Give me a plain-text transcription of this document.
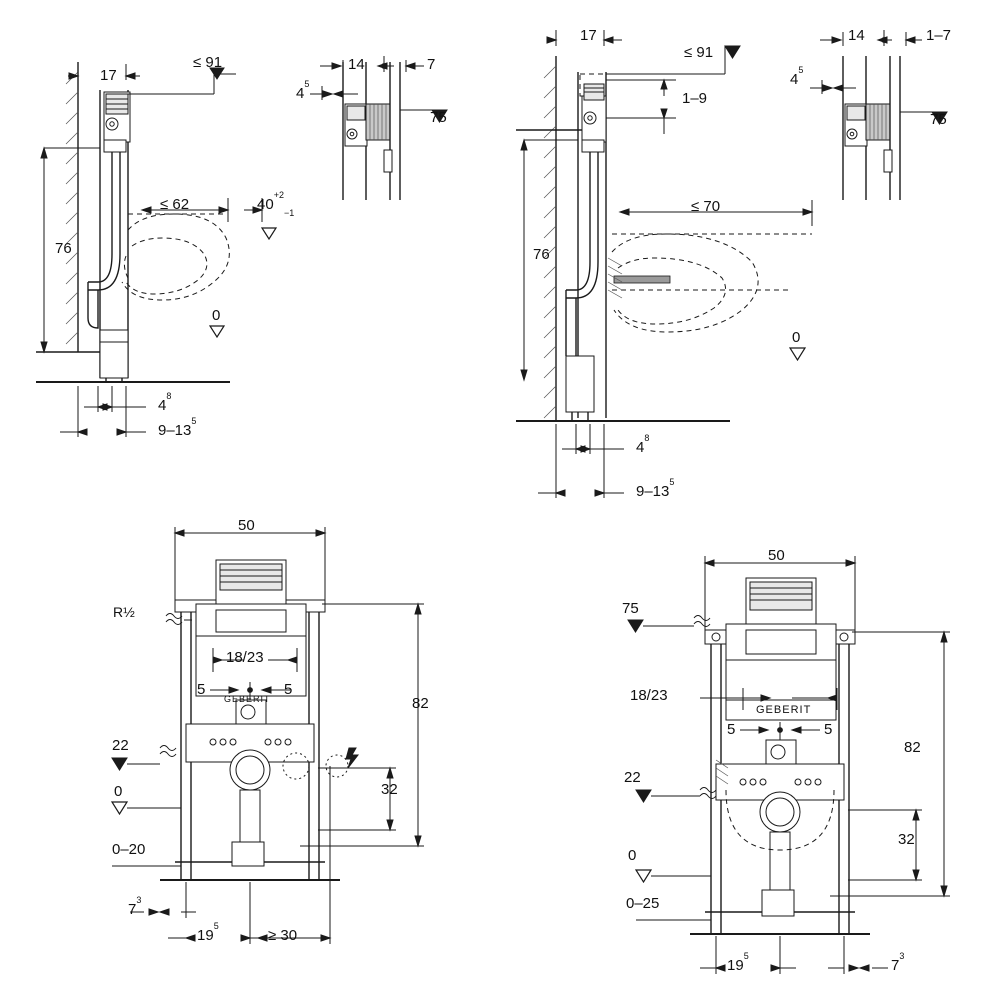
17
≤ 91
76
≤ 62	$40^{+2}_{-1}$
0
$4^8$
$9-13^5$
14	7
$4^5$
75
17
≤ 91
1–9
76
≤ 70
0
$4^8$
$9-13^5$
14	1–7
$4^5$
75
50
R½
18/23
5	5
82
22
32
0
0–20
$7^3$
$19^5$
≥ 30
GEBERIT
50
75
18/23
5	5
82
22
32
0
0–25
$19^5$
$7^3$
GEBERIT
